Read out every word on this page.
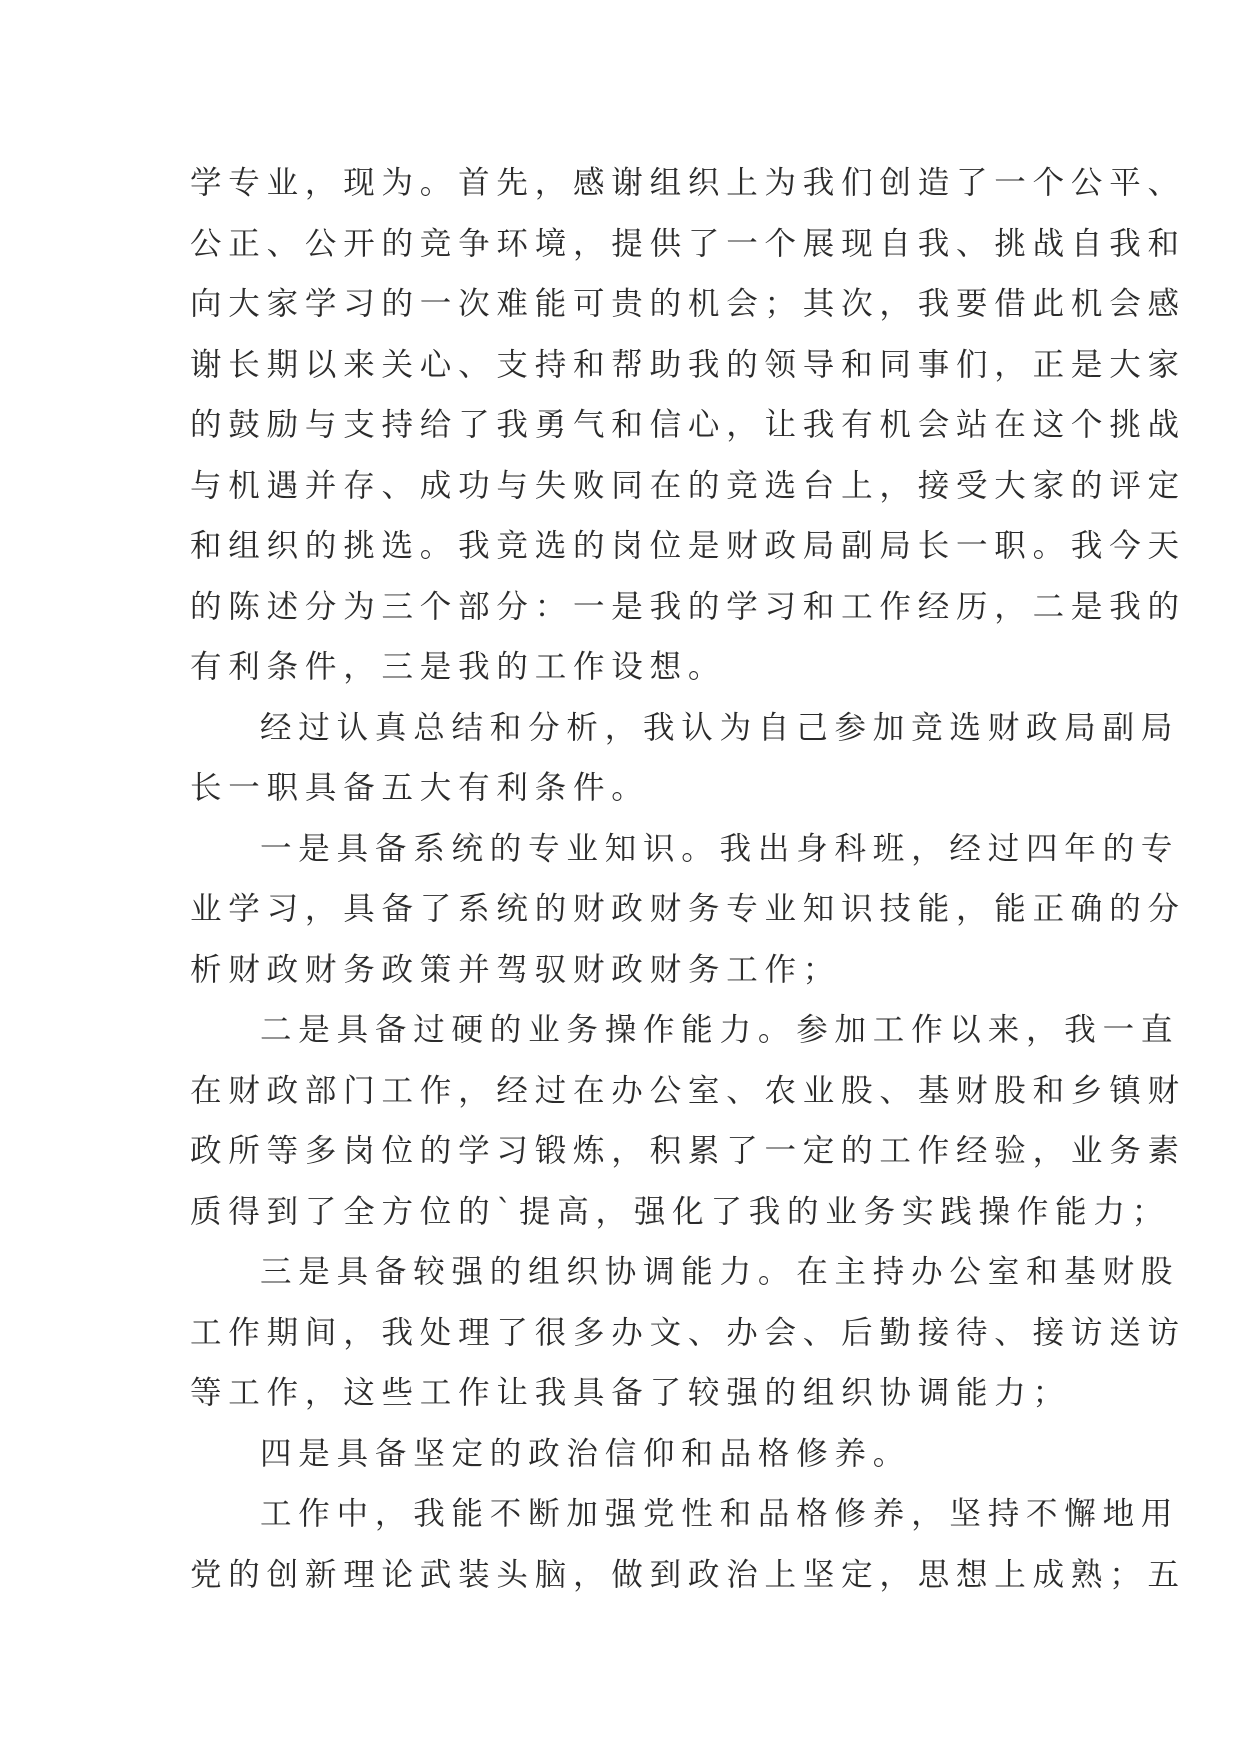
学专业，现为。首先，感谢组织上为我们创造了一个公平、
公正、公开的竞争环境，提供了一个展现自我、挑战自我和
向大家学习的一次难能可贵的机会；其次，我要借此机会感
谢长期以来关心、支持和帮助我的领导和同事们，正是大家
的鼓励与支持给了我勇气和信心，让我有机会站在这个挑战
与机遇并存、成功与失败同在的竞选台上，接受大家的评定
和组织的挑选。我竞选的岗位是财政局副局长一职。我今天
的陈述分为三个部分：一是我的学习和工作经历，二是我的
有利条件，三是我的工作设想。
经过认真总结和分析，我认为自己参加竞选财政局副局
长一职具备五大有利条件。
一是具备系统的专业知识。我出身科班，经过四年的专
业学习，具备了系统的财政财务专业知识技能，能正确的分
析财政财务政策并驾驭财政财务工作；
二是具备过硬的业务操作能力。参加工作以来，我一直
在财政部门工作，经过在办公室、农业股、基财股和乡镇财
政所等多岗位的学习锻炼，积累了一定的工作经验，业务素
质得到了全方位的`提高，强化了我的业务实践操作能力；
三是具备较强的组织协调能力。在主持办公室和基财股
工作期间，我处理了很多办文、办会、后勤接待、接访送访
等工作，这些工作让我具备了较强的组织协调能力；
四是具备坚定的政治信仰和品格修养。
工作中，我能不断加强党性和品格修养，坚持不懈地用
党的创新理论武装头脑，做到政治上坚定，思想上成熟；五
